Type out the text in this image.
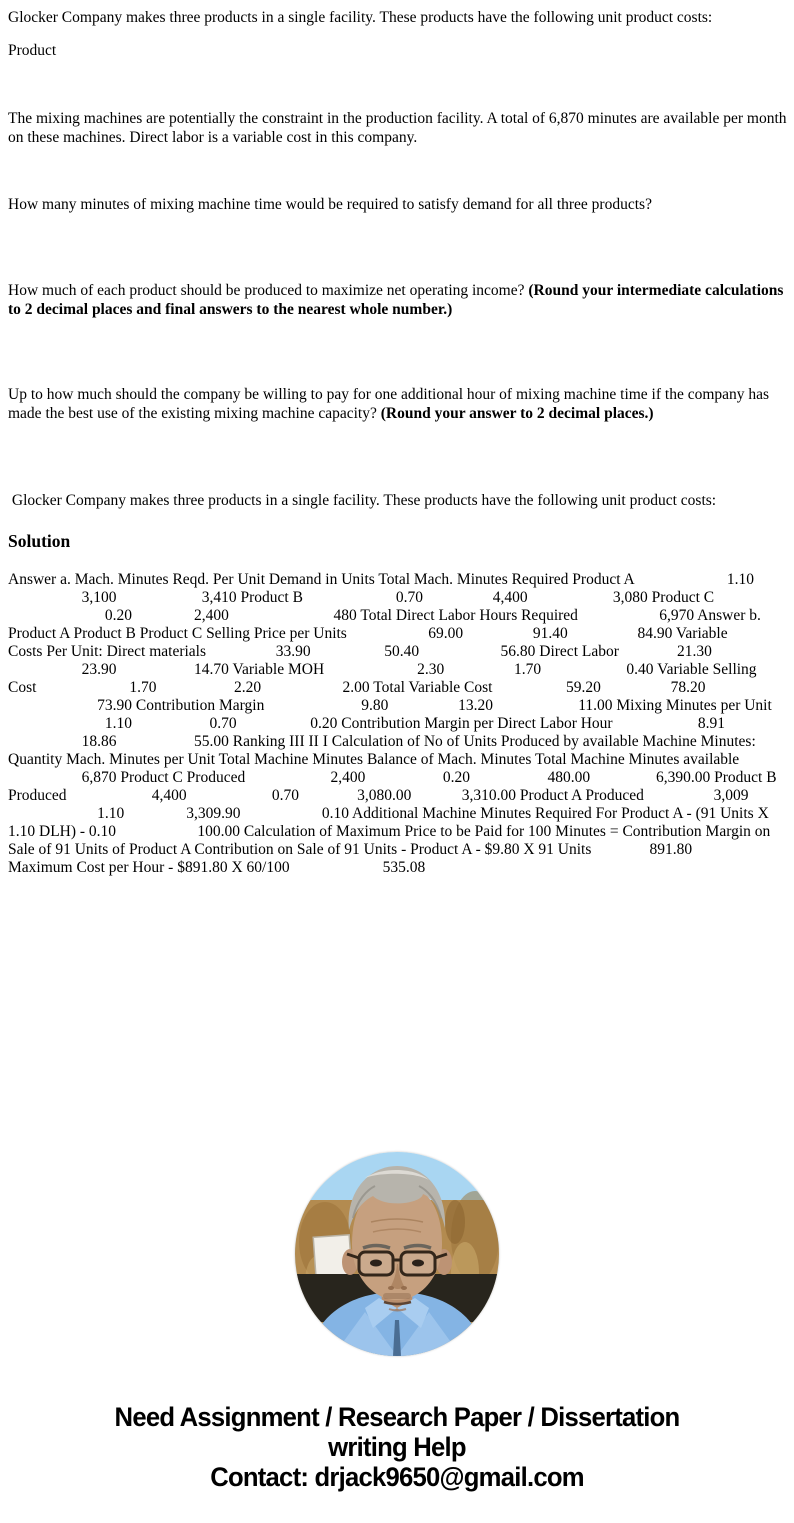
Glocker Company makes three products in a single facility. These products have the following unit product costs:

Product

The mixing machines are potentially the constraint in the production facility. A total of 6,870 minutes are available per month on these machines. Direct labor is a variable cost in this company.

How many minutes of mixing machine time would be required to satisfy demand for all three products?

How much of each product should be produced to maximize net operating income? (Round your intermediate calculations to 2 decimal places and final answers to the nearest whole number.)

Up to how much should the company be willing to pay for one additional hour of mixing machine time if the company has made the best use of the existing mixing machine capacity? (Round your answer to 2 decimal places.)

Glocker Company makes three products in a single facility. These products have the following unit product costs:

Solution
Answer a. Mach. Minutes Reqd. Per Unit Demand in Units Total Mach. Minutes Required Product A                        1.10
3,100                      3,410 Product B                        0.70                  4,400                      3,080 Product C
0.20                2,400                           480 Total Direct Labor Hours Required                     6,970 Answer b.
Product A Product B Product C Selling Price per Units                     69.00                  91.40                  84.90 Variable
Costs Per Unit: Direct materials                  33.90                   50.40                     56.80 Direct Labor               21.30
23.90                    14.70 Variable MOH                        2.30                  1.70                      0.40 Variable Selling
Cost                        1.70                    2.20                     2.00 Total Variable Cost                   59.20                  78.20
73.90 Contribution Margin                         9.80                  13.20                      11.00 Mixing Minutes per Unit
1.10                    0.70                   0.20 Contribution Margin per Direct Labor Hour                      8.91
18.86                    55.00 Ranking III II I Calculation of No of Units Produced by available Machine Minutes:
Quantity Mach. Minutes per Unit Total Machine Minutes Balance of Mach. Minutes Total Machine Minutes available
6,870 Product C Produced                      2,400                    0.20                    480.00                 6,390.00 Product B
Produced                      4,400                      0.70               3,080.00             3,310.00 Product A Produced                  3,009
1.10                3,309.90                     0.10 Additional Machine Minutes Required For Product A - (91 Units X
1.10 DLH) - 0.10                     100.00 Calculation of Maximum Price to be Paid for 100 Minutes = Contribution Margin on
Sale of 91 Units of Product A Contribution on Sale of 91 Units - Product A - $9.80 X 91 Units               891.80
Maximum Cost per Hour - $891.80 X 60/100                        535.08
Need Assignment / Research Paper / Dissertation
writing Help
Contact: drjack9650@gmail.com
